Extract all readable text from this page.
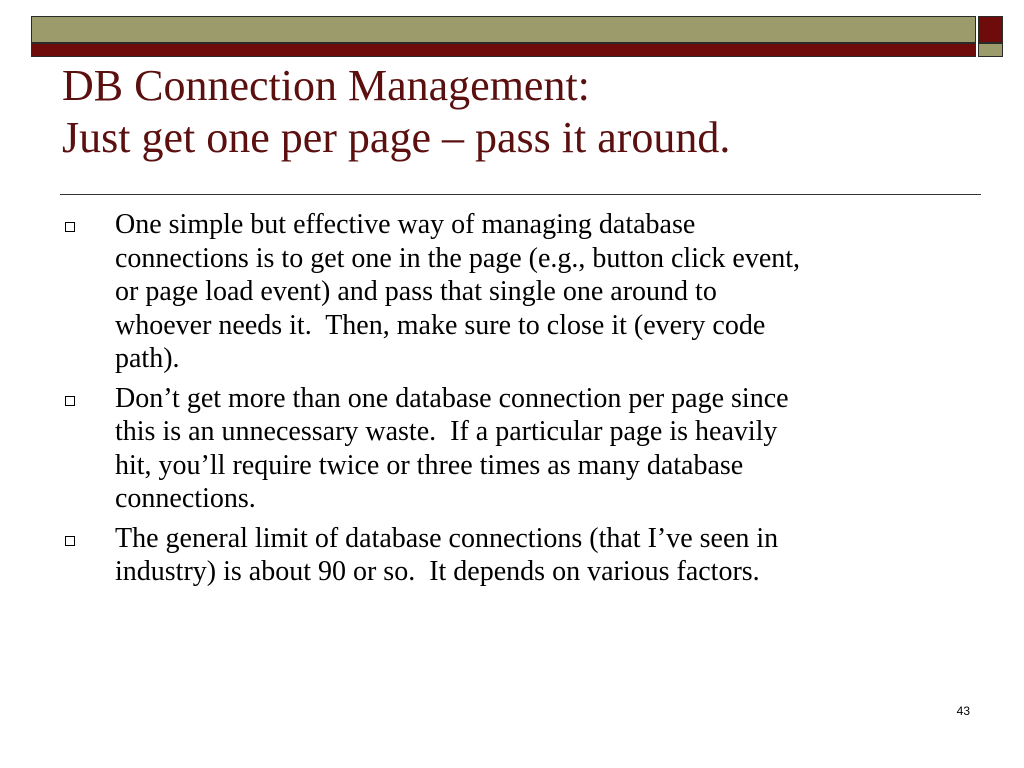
DB Connection Management:
Just get one per page – pass it around.
One simple but effective way of managing database
connections is to get one in the page (e.g., button click event,
or page load event) and pass that single one around to
whoever needs it.  Then, make sure to close it (every code
path).
Don’t get more than one database connection per page since
this is an unnecessary waste.  If a particular page is heavily
hit, you’ll require twice or three times as many database
connections.
The general limit of database connections (that I’ve seen in
industry) is about 90 or so.  It depends on various factors.
43
